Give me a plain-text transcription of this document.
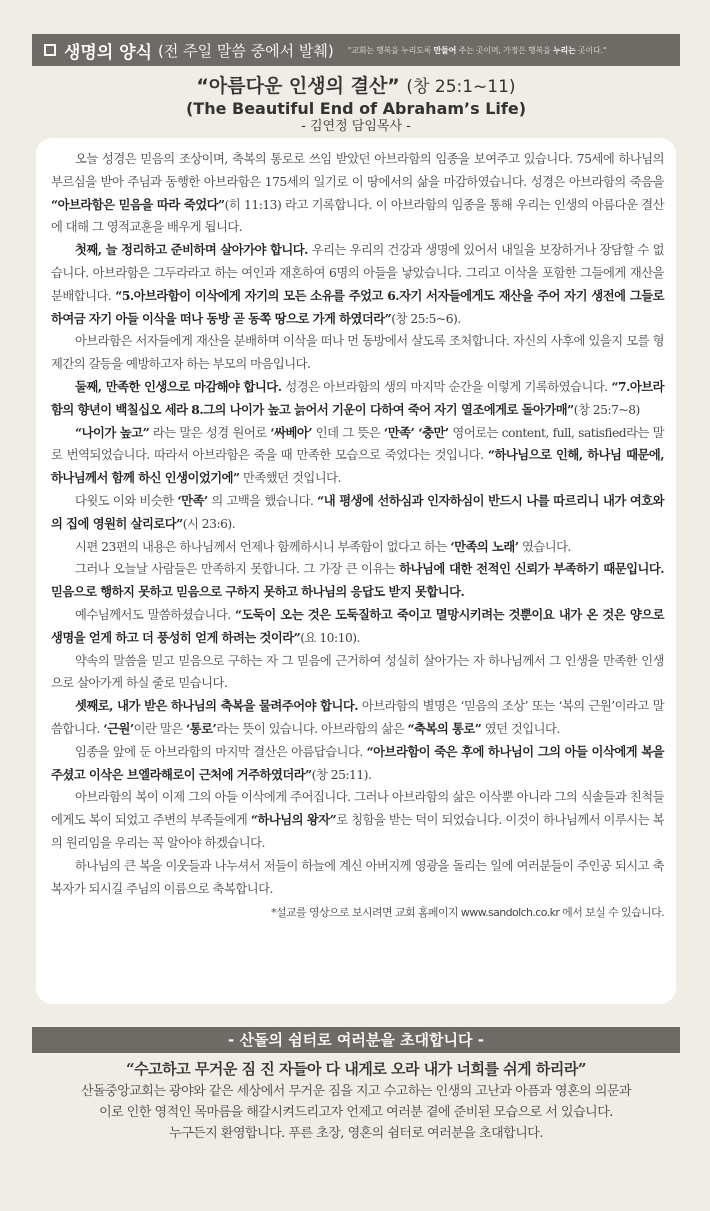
생명의 양식 (전 주일 말씀 중에서 발췌) "교회는 행복을 누리도록 만들어 주는 곳이며, 가정은 행복을 누리는 곳이다."
“아름다운 인생의 결산” (창 25:1~11)
(The Beautiful End of Abraham’s Life)
- 김연정 담임목사 -

오늘 성경은 믿음의 조상이며, 축복의 통로로 쓰임 받았던 아브라함의 임종을 보여주고 있습니다. 75세에 하나님의 부르심을 받아 주님과 동행한 아브라함은 175세의 일기로 이 땅에서의 삶을 마감하였습니다. 성경은 아브라함의 죽음을 “아브라함은 믿음을 따라 죽었다”(히 11:13) 라고 기록합니다. 이 아브라함의 임종을 통해 우리는 인생의 아름다운 결산에 대해 그 영적교훈을 배우게 됩니다.

첫째, 늘 정리하고 준비하며 살아가야 합니다. 우리는 우리의 건강과 생명에 있어서 내일을 보장하거나 장담할 수 없습니다. 아브라함은 그두라라고 하는 여인과 재혼하여 6명의 아들을 낳았습니다. 그리고 이삭을 포함한 그들에게 재산을 분배합니다. “5.아브라함이 이삭에게 자기의 모든 소유를 주었고 6.자기 서자들에게도 재산을 주어 자기 생전에 그들로 하여금 자기 아들 이삭을 떠나 동방 곧 동쪽 땅으로 가게 하였더라”(창 25:5~6).

아브라함은 서자들에게 재산을 분배하며 이삭을 떠나 먼 동방에서 살도록 조처합니다. 자신의 사후에 있을지 모를 형제간의 갈등을 예방하고자 하는 부모의 마음입니다.

둘째, 만족한 인생으로 마감해야 합니다. 성경은 아브라함의 생의 마지막 순간을 이렇게 기록하였습니다. “7.아브라함의 향년이 백칠십오 세라 8.그의 나이가 높고 늙어서 기운이 다하여 죽어 자기 열조에게로 돌아가매”(창 25:7~8)

“나이가 높고” 라는 말은 성경 원어로 ‘싸베아’ 인데 그 뜻은 ‘만족’ ‘충만’ 영어로는 content, full, satisfied라는 말로 번역되었습니다. 따라서 아브라함은 죽을 때 만족한 모습으로 죽었다는 것입니다. “하나님으로 인해, 하나님 때문에, 하나님께서 함께 하신 인생이었기에” 만족했던 것입니다.

다윗도 이와 비슷한 ‘만족’ 의 고백을 했습니다. “내 평생에 선하심과 인자하심이 반드시 나를 따르리니 내가 여호와의 집에 영원히 살리로다”(시 23:6).

시편 23편의 내용은 하나님께서 언제나 함께하시니 부족함이 없다고 하는 ‘만족의 노래’ 였습니다.

그러나 오늘날 사람들은 만족하지 못합니다. 그 가장 큰 이유는 하나님에 대한 전적인 신뢰가 부족하기 때문입니다. 믿음으로 행하지 못하고 믿음으로 구하지 못하고 하나님의 응답도 받지 못합니다.

예수님께서도 말씀하셨습니다. “도둑이 오는 것은 도둑질하고 죽이고 멸망시키려는 것뿐이요 내가 온 것은 양으로 생명을 얻게 하고 더 풍성히 얻게 하려는 것이라”(요 10:10).

약속의 말씀을 믿고 믿음으로 구하는 자 그 믿음에 근거하여 성실히 살아가는 자 하나님께서 그 인생을 만족한 인생으로 살아가게 하실 줄로 믿습니다.

셋째로, 내가 받은 하나님의 축복을 물려주어야 합니다. 아브라함의 별명은 ‘믿음의 조상’ 또는 ‘복의 근원’이라고 말씀합니다. ‘근원’이란 말은 ‘통로’라는 뜻이 있습니다. 아브라함의 삶은 “축복의 통로” 였던 것입니다.

임종을 앞에 둔 아브라함의 마지막 결산은 아름답습니다. “아브라함이 죽은 후에 하나님이 그의 아들 이삭에게 복을 주셨고 이삭은 브엘라해로이 근처에 거주하였더라”(창 25:11).

아브라함의 복이 이제 그의 아들 이삭에게 주어집니다. 그러나 아브라함의 삶은 이삭뿐 아니라 그의 식솔들과 친척들에게도 복이 되었고 주변의 부족들에게 “하나님의 왕자”로 칭함을 받는 덕이 되었습니다. 이것이 하나님께서 이루시는 복의 원리임을 우리는 꼭 알아야 하겠습니다.

하나님의 큰 복을 이웃들과 나누셔서 저들이 하늘에 계신 아버지께 영광을 돌리는 일에 여러분들이 주인공 되시고 축복자가 되시길 주님의 이름으로 축복합니다.

*설교를 영상으로 보시려면 교회 홈페이지 www.sandolch.co.kr 에서 보실 수 있습니다.
- 산돌의 쉼터로 여러분을 초대합니다 -
“수고하고 무거운 짐 진 자들아 다 내게로 오라 내가 너희를 쉬게 하리라”
산돌중앙교회는 광야와 같은 세상에서 무거운 짐을 지고 수고하는 인생의 고난과 아픔과 영혼의 의문과
이로 인한 영적인 목마름을 해갈시켜드리고자 언제고 여러분 곁에 준비된 모습으로 서 있습니다.
누구든지 환영합니다. 푸른 초장, 영혼의 쉼터로 여러분을 초대합니다.
